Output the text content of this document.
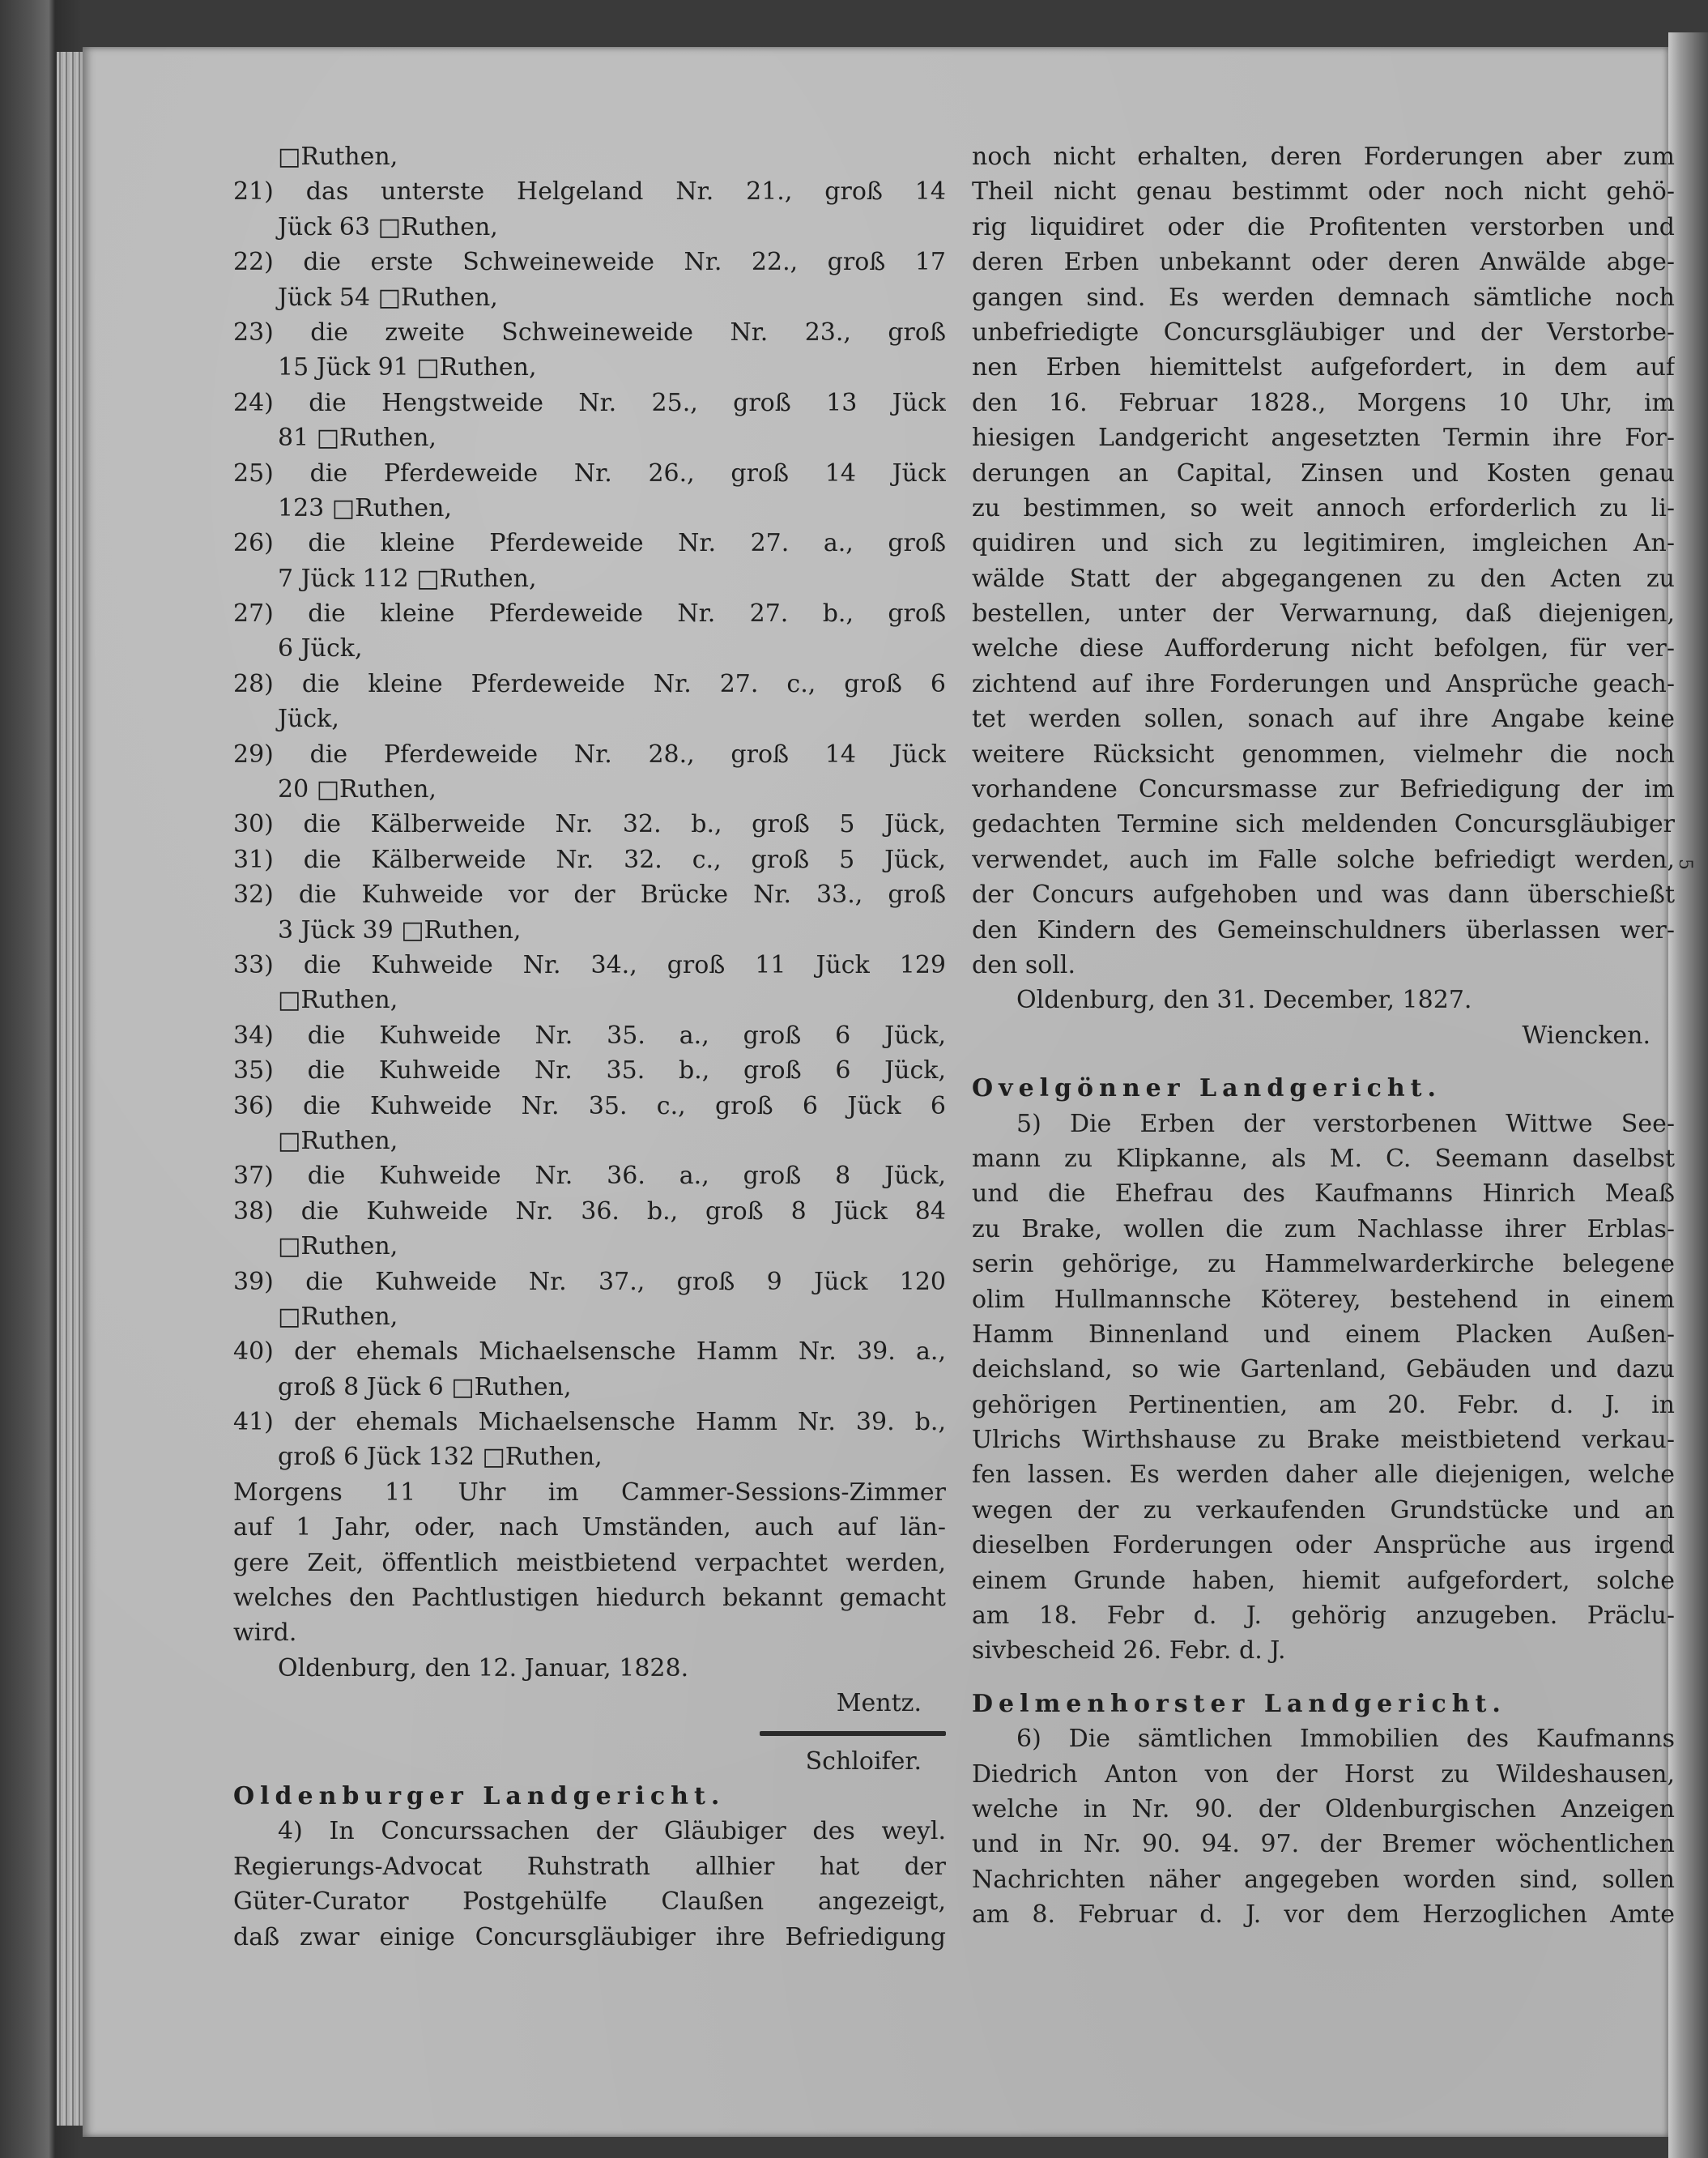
□Ruthen,
21) das unterste Helgeland Nr. 21., groß 14
Jück 63 □Ruthen,
22) die erste Schweineweide Nr. 22., groß 17
Jück 54 □Ruthen,
23) die zweite Schweineweide Nr. 23., groß
15 Jück 91 □Ruthen,
24) die Hengstweide Nr. 25., groß 13 Jück
81 □Ruthen,
25) die Pferdeweide Nr. 26., groß 14 Jück
123 □Ruthen,
26) die kleine Pferdeweide Nr. 27. a., groß
7 Jück 112 □Ruthen,
27) die kleine Pferdeweide Nr. 27. b., groß
6 Jück,
28) die kleine Pferdeweide Nr. 27. c., groß 6
Jück,
29) die Pferdeweide Nr. 28., groß 14 Jück
20 □Ruthen,
30) die Kälberweide Nr. 32. b., groß 5 Jück,
31) die Kälberweide Nr. 32. c., groß 5 Jück,
32) die Kuhweide vor der Brücke Nr. 33., groß
3 Jück 39 □Ruthen,
33) die Kuhweide Nr. 34., groß 11 Jück 129
□Ruthen,
34) die Kuhweide Nr. 35. a., groß 6 Jück,
35) die Kuhweide Nr. 35. b., groß 6 Jück,
36) die Kuhweide Nr. 35. c., groß 6 Jück 6
□Ruthen,
37) die Kuhweide Nr. 36. a., groß 8 Jück,
38) die Kuhweide Nr. 36. b., groß 8 Jück 84
□Ruthen,
39) die Kuhweide Nr. 37., groß 9 Jück 120
□Ruthen,
40) der ehemals Michaelsensche Hamm Nr. 39. a.,
groß 8 Jück 6 □Ruthen,
41) der ehemals Michaelsensche Hamm Nr. 39. b.,
groß 6 Jück 132 □Ruthen,
Morgens 11 Uhr im Cammer-Sessions-Zimmer
auf 1 Jahr, oder, nach Umständen, auch auf län-
gere Zeit, öffentlich meistbietend verpachtet werden,
welches den Pachtlustigen hiedurch bekannt gemacht
wird.
Oldenburg, den 12. Januar, 1828.
Mentz.
Schloifer.
Oldenburger Landgericht.
4) In Concurssachen der Gläubiger des weyl.
Regierungs-Advocat Ruhstrath allhier hat der
Güter-Curator Postgehülfe Claußen angezeigt,
daß zwar einige Concursgläubiger ihre Befriedigung
noch nicht erhalten, deren Forderungen aber zum
Theil nicht genau bestimmt oder noch nicht gehö-
rig liquidiret oder die Profitenten verstorben und
deren Erben unbekannt oder deren Anwälde abge-
gangen sind. Es werden demnach sämtliche noch
unbefriedigte Concursgläubiger und der Verstorbe-
nen Erben hiemittelst aufgefordert, in dem auf
den 16. Februar 1828., Morgens 10 Uhr, im
hiesigen Landgericht angesetzten Termin ihre For-
derungen an Capital, Zinsen und Kosten genau
zu bestimmen, so weit annoch erforderlich zu li-
quidiren und sich zu legitimiren, imgleichen An-
wälde Statt der abgegangenen zu den Acten zu
bestellen, unter der Verwarnung, daß diejenigen,
welche diese Aufforderung nicht befolgen, für ver-
zichtend auf ihre Forderungen und Ansprüche geach-
tet werden sollen, sonach auf ihre Angabe keine
weitere Rücksicht genommen, vielmehr die noch
vorhandene Concursmasse zur Befriedigung der im
gedachten Termine sich meldenden Concursgläubiger
verwendet, auch im Falle solche befriedigt werden,
der Concurs aufgehoben und was dann überschießt
den Kindern des Gemeinschuldners überlassen wer-
den soll.
Oldenburg, den 31. December, 1827.
Wiencken.
Ovelgönner Landgericht.
5) Die Erben der verstorbenen Wittwe See-
mann zu Klipkanne, als M. C. Seemann daselbst
und die Ehefrau des Kaufmanns Hinrich Meaß
zu Brake, wollen die zum Nachlasse ihrer Erblas-
serin gehörige, zu Hammelwarderkirche belegene
olim Hullmannsche Köterey, bestehend in einem
Hamm Binnenland und einem Placken Außen-
deichsland, so wie Gartenland, Gebäuden und dazu
gehörigen Pertinentien, am 20. Febr. d. J. in
Ulrichs Wirthshause zu Brake meistbietend verkau-
fen lassen. Es werden daher alle diejenigen, welche
wegen der zu verkaufenden Grundstücke und an
dieselben Forderungen oder Ansprüche aus irgend
einem Grunde haben, hiemit aufgefordert, solche
am 18. Febr d. J. gehörig anzugeben. Präclu-
sivbescheid 26. Febr. d. J.
Delmenhorster Landgericht.
6) Die sämtlichen Immobilien des Kaufmanns
Diedrich Anton von der Horst zu Wildeshausen,
welche in Nr. 90. der Oldenburgischen Anzeigen
und in Nr. 90. 94. 97. der Bremer wöchentlichen
Nachrichten näher angegeben worden sind, sollen
am 8. Februar d. J. vor dem Herzoglichen Amte
5
